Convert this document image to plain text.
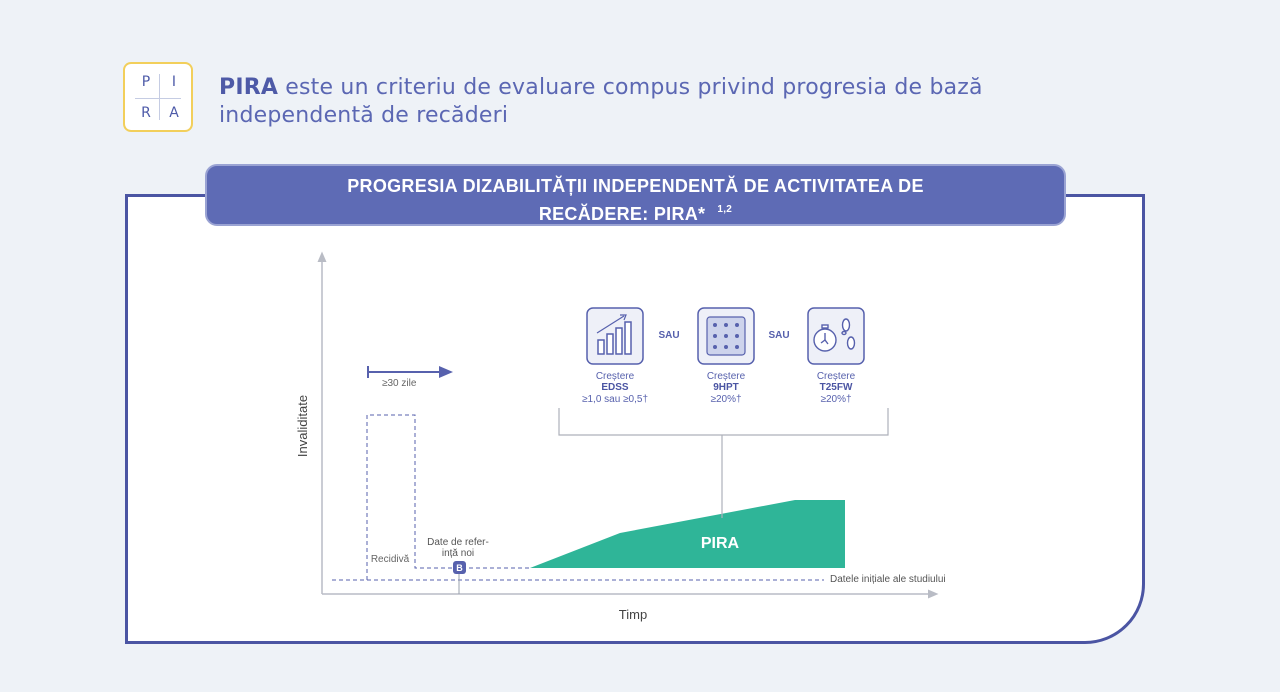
P	I
R	A
PIRA este un criteriu de evaluare compus privind progresia de bază independentă de recăderi
PROGRESIA DIZABILITĂȚII INDEPENDENTĂ DE ACTIVITATEA DE
RECĂDERE: PIRA* $^{1,2}$
Invaliditate
Timp
Datele inițiale ale studiului
≥30 zile
Recidivă
Date de refer-
ință noi
B
PIRA
SAU	SAU
Creștere
EDSS
≥1,0 sau ≥0,5†
Creștere
9HPT
≥20%†
Creștere
T25FW
≥20%†
